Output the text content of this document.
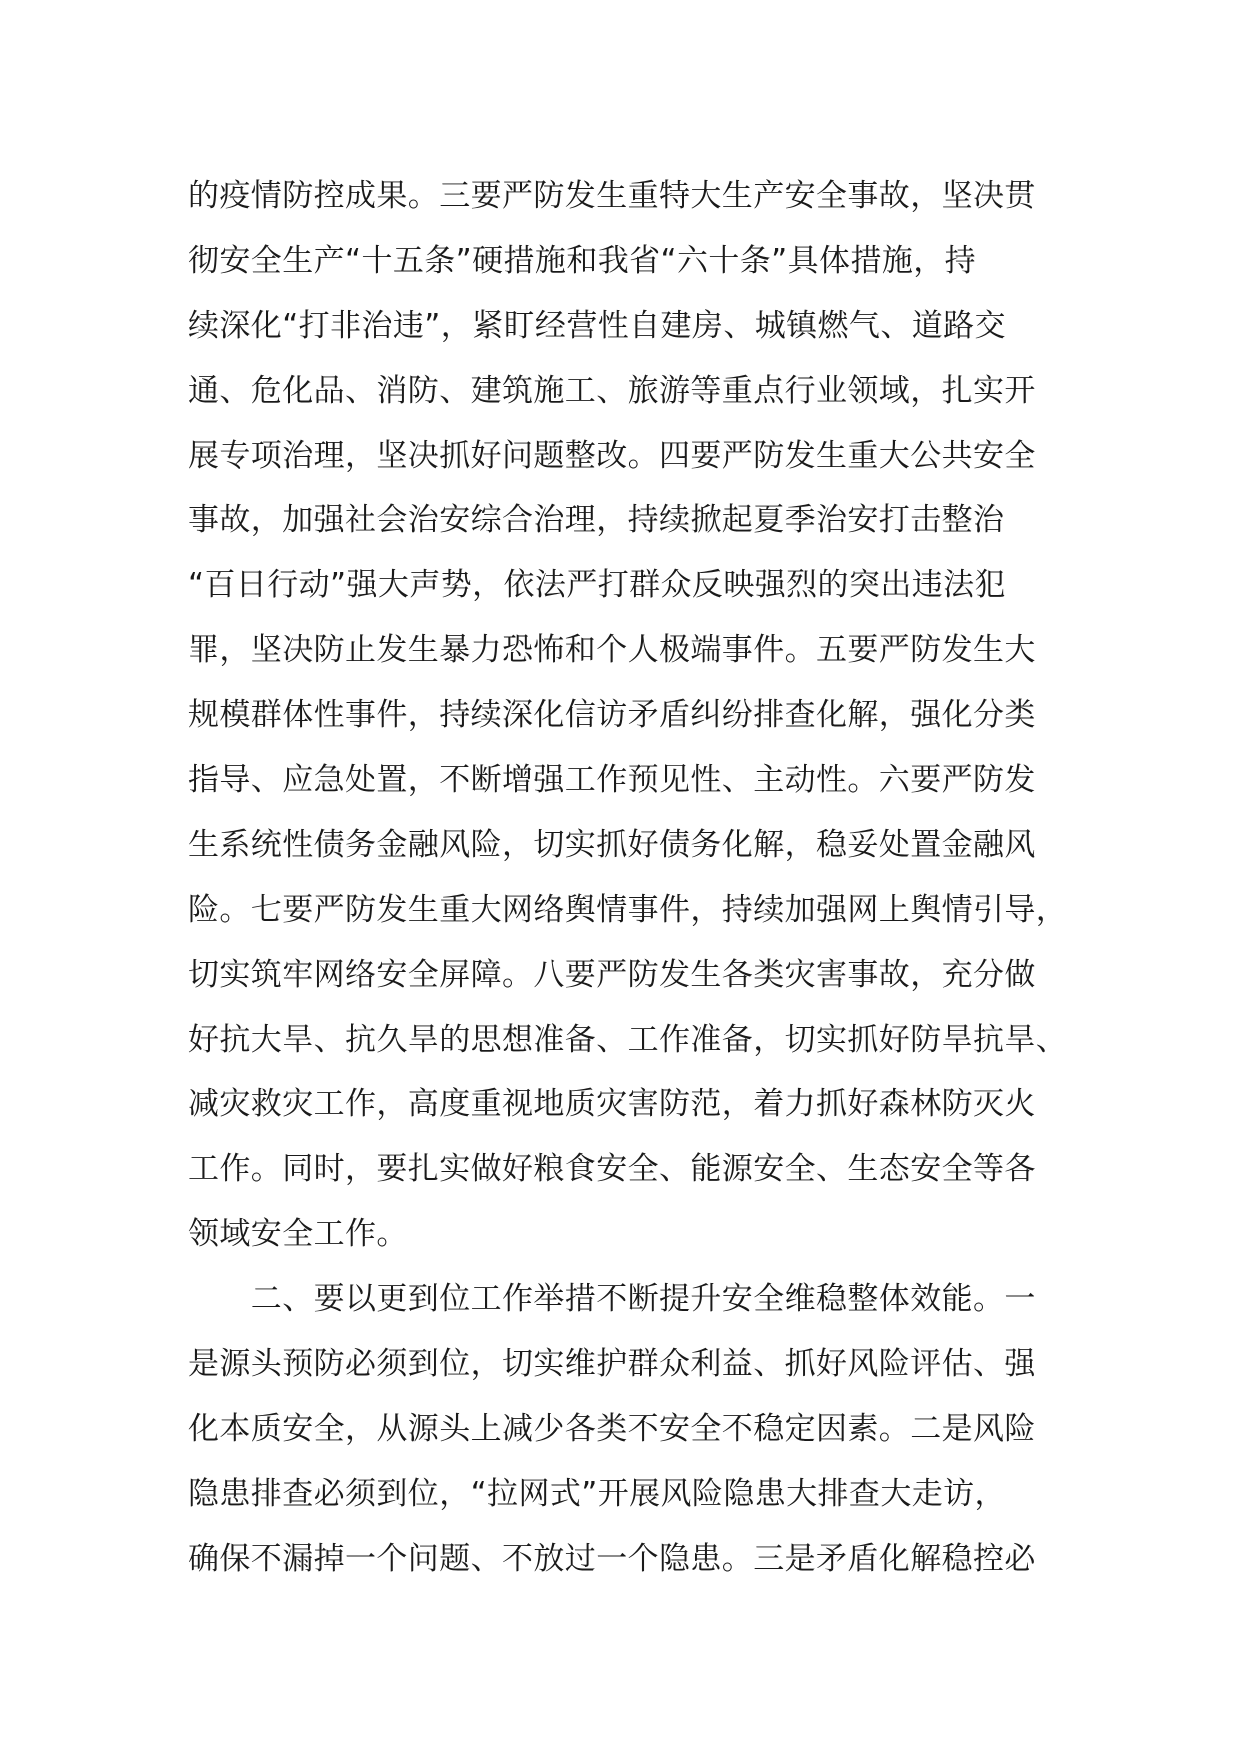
的疫情防控成果。三要严防发生重特大生产安全事故，坚决贯
彻安全生产“十五条”硬措施和我省“六十条”具体措施，持
续深化“打非治违”，紧盯经营性自建房、城镇燃气、道路交
通、危化品、消防、建筑施工、旅游等重点行业领域，扎实开
展专项治理，坚决抓好问题整改。四要严防发生重大公共安全
事故，加强社会治安综合治理，持续掀起夏季治安打击整治
“百日行动”强大声势，依法严打群众反映强烈的突出违法犯
罪，坚决防止发生暴力恐怖和个人极端事件。五要严防发生大
规模群体性事件，持续深化信访矛盾纠纷排查化解，强化分类
指导、应急处置，不断增强工作预见性、主动性。六要严防发
生系统性债务金融风险，切实抓好债务化解，稳妥处置金融风
险。七要严防发生重大网络舆情事件，持续加强网上舆情引导，
切实筑牢网络安全屏障。八要严防发生各类灾害事故，充分做
好抗大旱、抗久旱的思想准备、工作准备，切实抓好防旱抗旱、
减灾救灾工作，高度重视地质灾害防范，着力抓好森林防灭火
工作。同时，要扎实做好粮食安全、能源安全、生态安全等各
领域安全工作。
　　二、要以更到位工作举措不断提升安全维稳整体效能。一
是源头预防必须到位，切实维护群众利益、抓好风险评估、强
化本质安全，从源头上减少各类不安全不稳定因素。二是风险
隐患排查必须到位，“拉网式”开展风险隐患大排查大走访，
确保不漏掉一个问题、不放过一个隐患。三是矛盾化解稳控必
